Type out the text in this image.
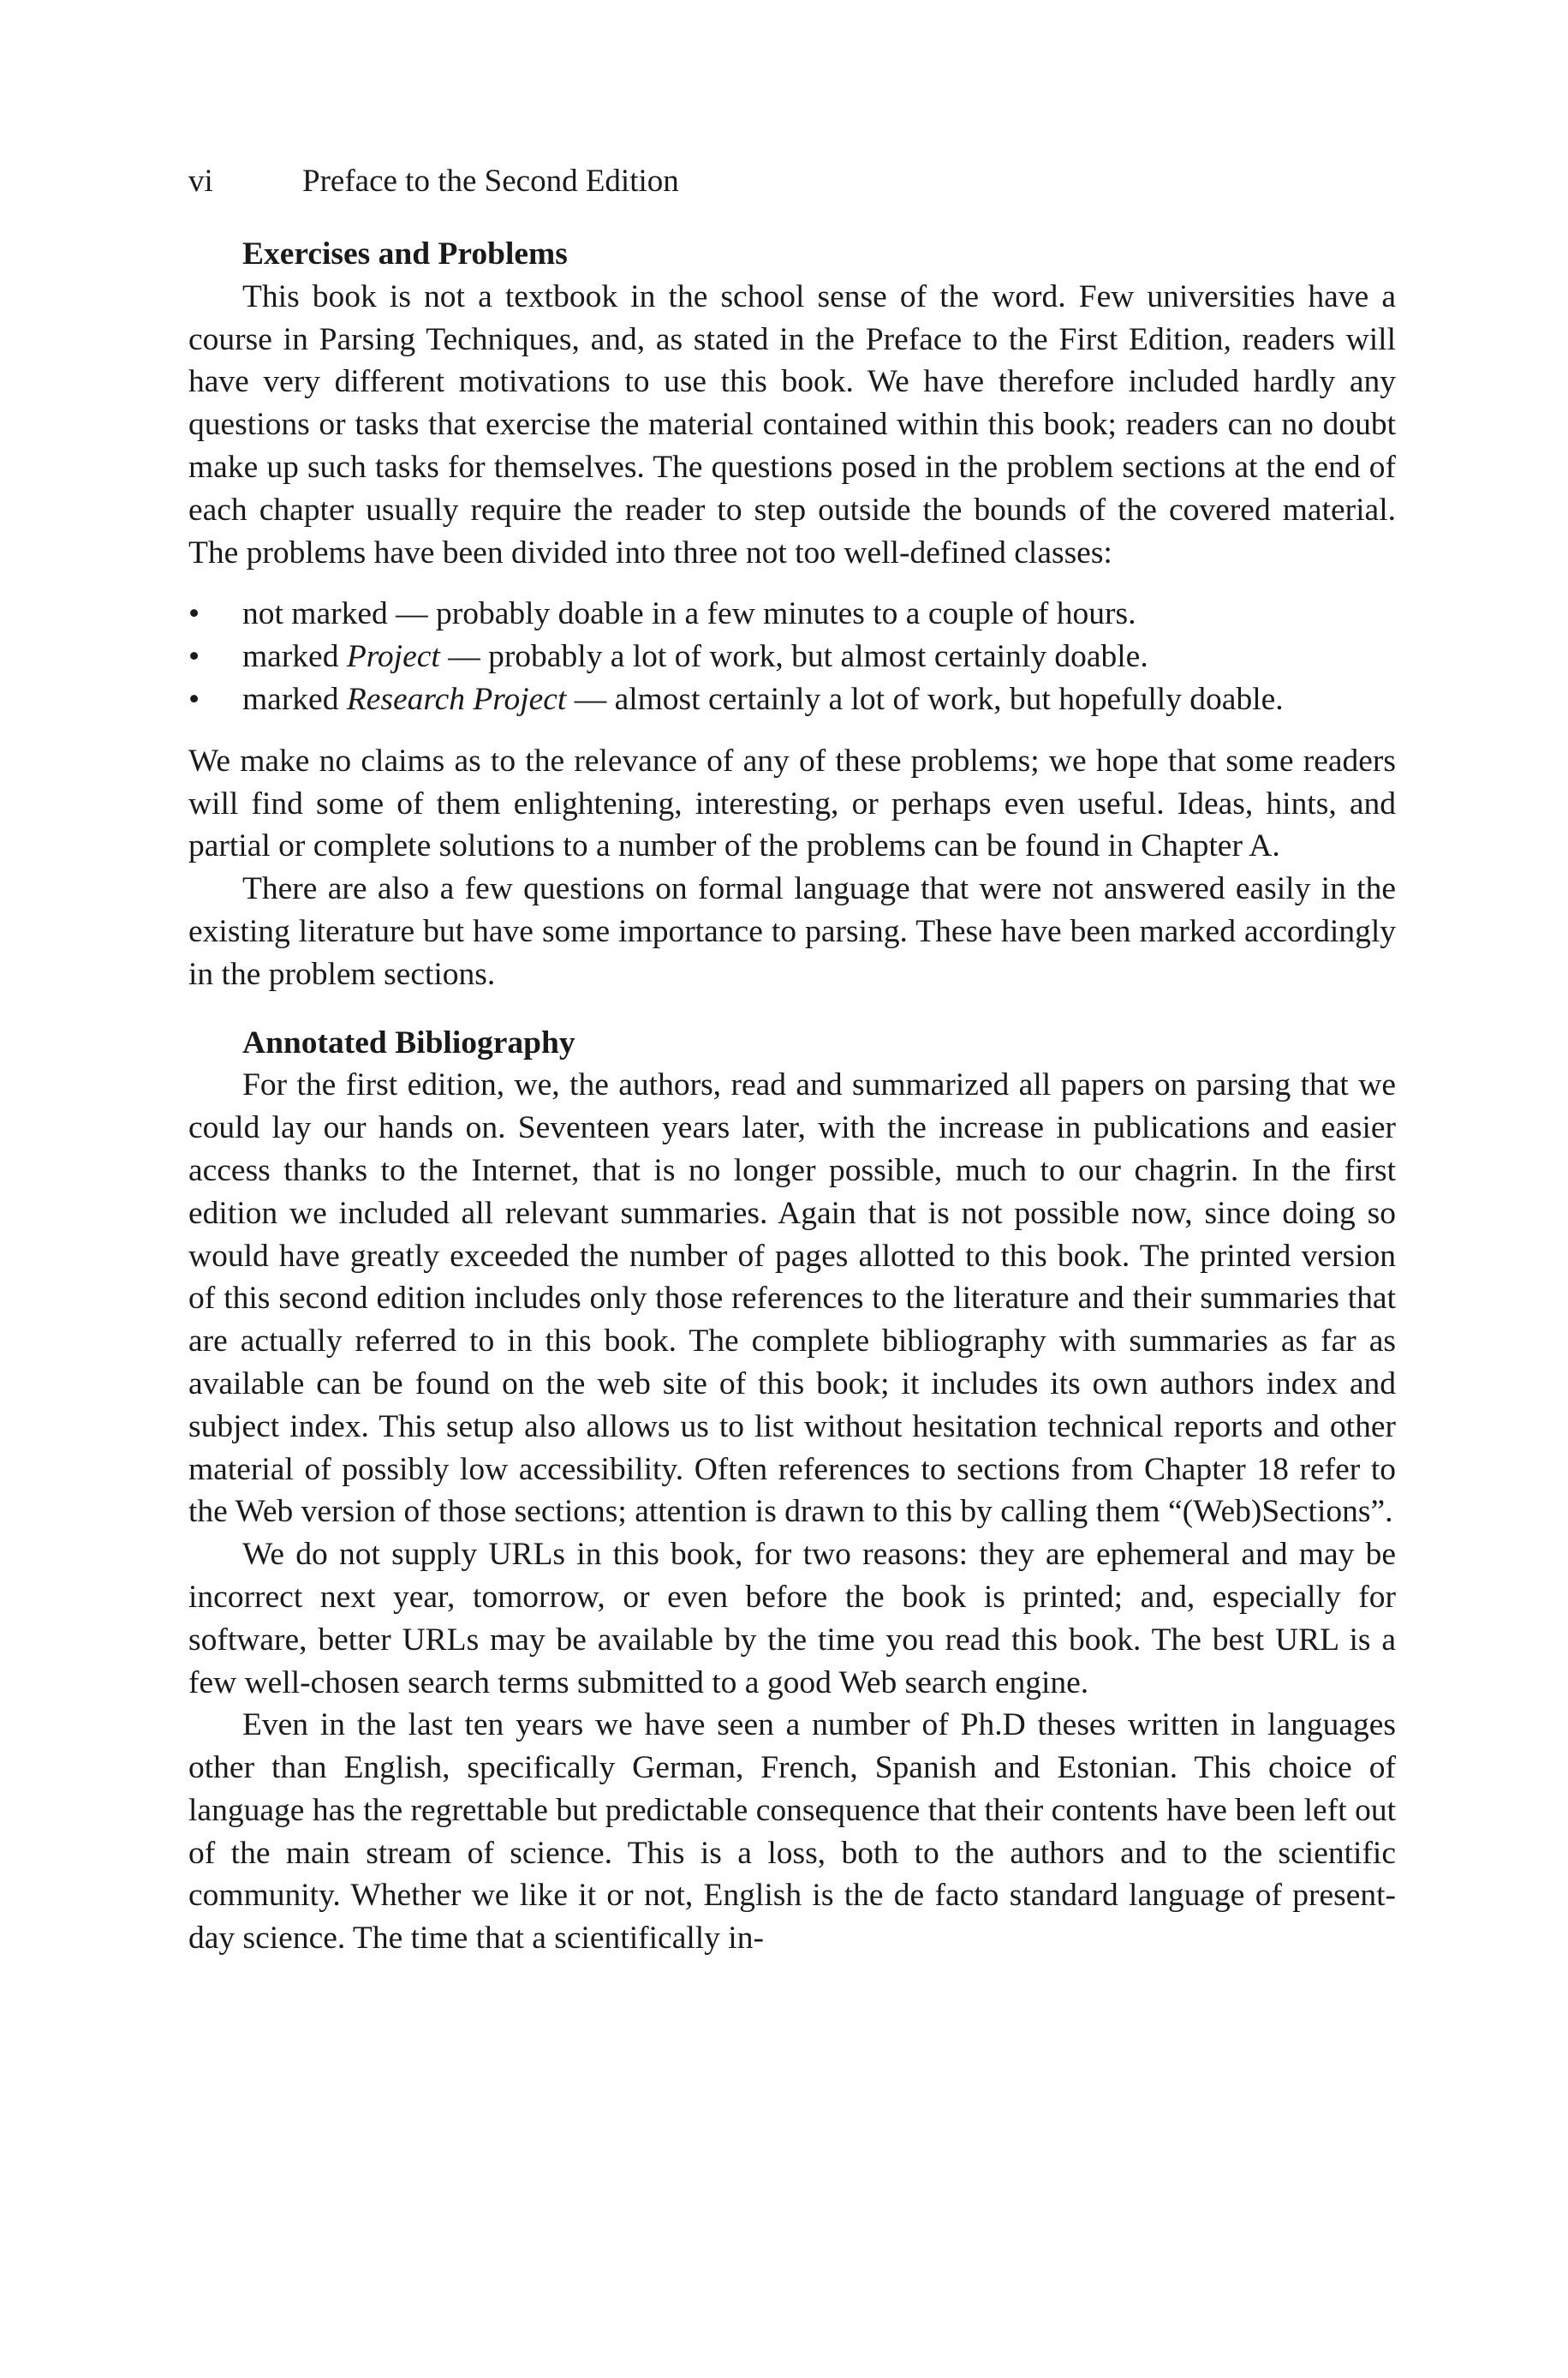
vi	Preface to the Second Edition
Exercises and Problems

This book is not a textbook in the school sense of the word. Few universities have a course in Parsing Techniques, and, as stated in the Preface to the First Edition, readers will have very different motivations to use this book. We have therefore included hardly any questions or tasks that exercise the material contained within this book; readers can no doubt make up such tasks for themselves. The questions posed in the problem sections at the end of each chapter usually require the reader to step outside the bounds of the covered material. The problems have been divided into three not too well-defined classes:

• not marked — probably doable in a few minutes to a couple of hours.
• marked Project — probably a lot of work, but almost certainly doable.
• marked Research Project — almost certainly a lot of work, but hopefully doable.

We make no claims as to the relevance of any of these problems; we hope that some readers will find some of them enlightening, interesting, or perhaps even useful. Ideas, hints, and partial or complete solutions to a number of the problems can be found in Chapter A.

There are also a few questions on formal language that were not answered easily in the existing literature but have some importance to parsing. These have been marked accordingly in the problem sections.

Annotated Bibliography

For the first edition, we, the authors, read and summarized all papers on parsing that we could lay our hands on. Seventeen years later, with the increase in publications and easier access thanks to the Internet, that is no longer possible, much to our chagrin. In the first edition we included all relevant summaries. Again that is not possible now, since doing so would have greatly exceeded the number of pages allotted to this book. The printed version of this second edition includes only those references to the literature and their summaries that are actually referred to in this book. The complete bibliography with summaries as far as available can be found on the web site of this book; it includes its own authors index and subject index. This setup also allows us to list without hesitation technical reports and other material of possibly low accessibility. Often references to sections from Chapter 18 refer to the Web version of those sections; attention is drawn to this by calling them “(Web)Sections”.

We do not supply URLs in this book, for two reasons: they are ephemeral and may be incorrect next year, tomorrow, or even before the book is printed; and, especially for software, better URLs may be available by the time you read this book. The best URL is a few well-chosen search terms submitted to a good Web search engine.

Even in the last ten years we have seen a number of Ph.D theses written in languages other than English, specifically German, French, Spanish and Estonian. This choice of language has the regrettable but predictable consequence that their contents have been left out of the main stream of science. This is a loss, both to the authors and to the scientific community. Whether we like it or not, English is the de facto standard language of present-day science. The time that a scientifically in-
